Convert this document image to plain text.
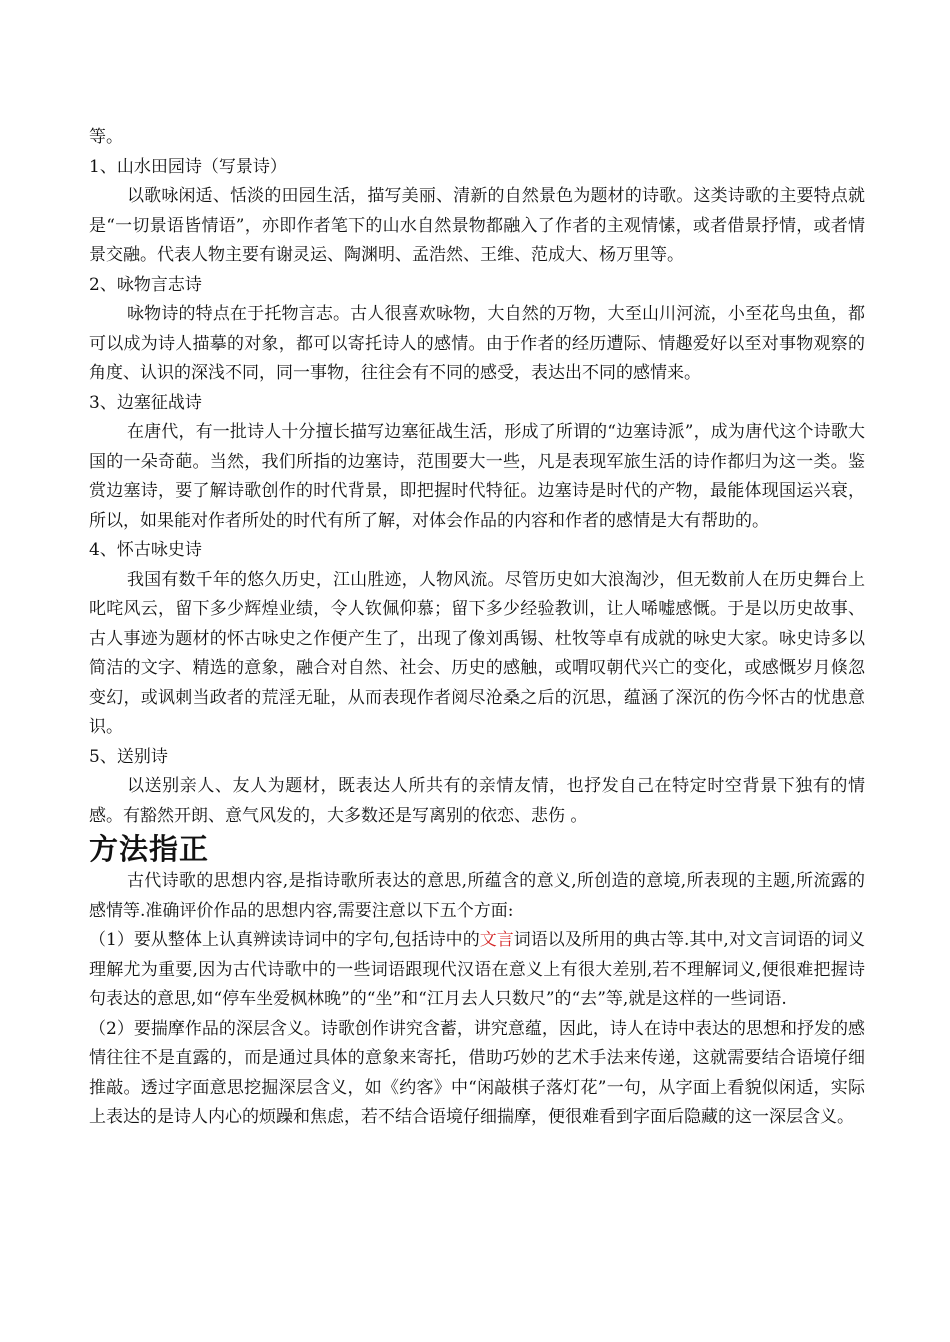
等。
1、山水田园诗（写景诗）

以歌咏闲适、恬淡的田园生活，描写美丽、清新的自然景色为题材的诗歌。这类诗歌的主要特点就是“一切景语皆情语”，亦即作者笔下的山水自然景物都融入了作者的主观情愫，或者借景抒情，或者情景交融。代表人物主要有谢灵运、陶渊明、孟浩然、王维、范成大、杨万里等。

2、咏物言志诗

咏物诗的特点在于托物言志。古人很喜欢咏物，大自然的万物，大至山川河流，小至花鸟虫鱼，都可以成为诗人描摹的对象，都可以寄托诗人的感情。由于作者的经历遭际、情趣爱好以至对事物观察的角度、认识的深浅不同，同一事物，往往会有不同的感受，表达出不同的感情来。

3、边塞征战诗

在唐代，有一批诗人十分擅长描写边塞征战生活，形成了所谓的“边塞诗派”，成为唐代这个诗歌大国的一朵奇葩。当然，我们所指的边塞诗，范围要大一些，凡是表现军旅生活的诗作都归为这一类。鉴赏边塞诗，要了解诗歌创作的时代背景，即把握时代特征。边塞诗是时代的产物，最能体现国运兴衰，所以，如果能对作者所处的时代有所了解，对体会作品的内容和作者的感情是大有帮助的。

4、怀古咏史诗

我国有数千年的悠久历史，江山胜迹，人物风流。尽管历史如大浪淘沙，但无数前人在历史舞台上叱咤风云，留下多少辉煌业绩，令人钦佩仰慕；留下多少经验教训，让人唏嘘感慨。于是以历史故事、古人事迹为题材的怀古咏史之作便产生了，出现了像刘禹锡、杜牧等卓有成就的咏史大家。咏史诗多以简洁的文字、精选的意象，融合对自然、社会、历史的感触，或喟叹朝代兴亡的变化，或感慨岁月倏忽变幻，或讽刺当政者的荒淫无耻，从而表现作者阅尽沧桑之后的沉思，蕴涵了深沉的伤今怀古的忧患意识。

5、送别诗

以送别亲人、友人为题材，既表达人所共有的亲情友情，也抒发自己在特定时空背景下独有的情感。有豁然开朗、意气风发的，大多数还是写离别的依恋、悲伤 。

方法指正

古代诗歌的思想内容,是指诗歌所表达的意思,所蕴含的意义,所创造的意境,所表现的主题,所流露的感情等.准确评价作品的思想内容,需要注意以下五个方面:

（1）要从整体上认真辨读诗词中的字句,包括诗中的文言词语以及所用的典古等.其中,对文言词语的词义理解尤为重要,因为古代诗歌中的一些词语跟现代汉语在意义上有很大差别,若不理解词义,便很难把握诗句表达的意思,如“停车坐爱枫林晚”的“坐”和“江月去人只数尺”的“去”等,就是这样的一些词语.

（2）要揣摩作品的深层含义。诗歌创作讲究含蓄，讲究意蕴，因此，诗人在诗中表达的思想和抒发的感情往往不是直露的，而是通过具体的意象来寄托，借助巧妙的艺术手法来传递，这就需要结合语境仔细推敲。透过字面意思挖掘深层含义，如《约客》中“闲敲棋子落灯花”一句，从字面上看貌似闲适，实际上表达的是诗人内心的烦躁和焦虑，若不结合语境仔细揣摩，便很难看到字面后隐藏的这一深层含义。
